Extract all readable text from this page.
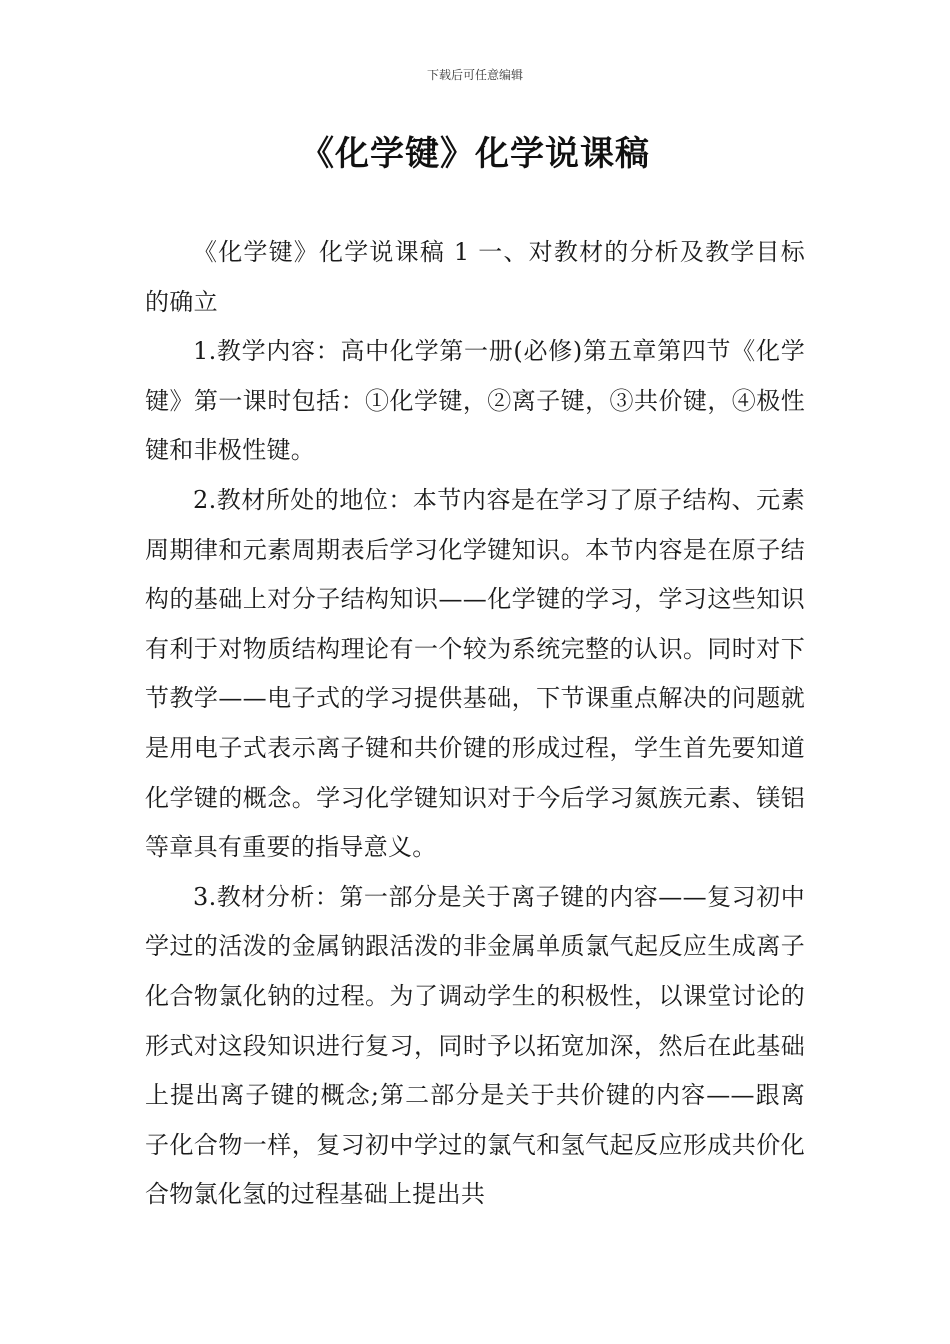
下载后可任意编辑
《化学键》化学说课稿

《化学键》化学说课稿 1 一、对教材的分析及教学目标的确立

1.教学内容：高中化学第一册(必修)第五章第四节《化学键》第一课时包括：①化学键，②离子键，③共价键，④极性键和非极性键。

2.教材所处的地位：本节内容是在学习了原子结构、元素周期律和元素周期表后学习化学键知识。本节内容是在原子结构的基础上对分子结构知识——化学键的学习，学习这些知识有利于对物质结构理论有一个较为系统完整的认识。同时对下节教学——电子式的学习提供基础，下节课重点解决的问题就是用电子式表示离子键和共价键的形成过程，学生首先要知道化学键的概念。学习化学键知识对于今后学习氮族元素、镁铝等章具有重要的指导意义。

3.教材分析：第一部分是关于离子键的内容——复习初中学过的活泼的金属钠跟活泼的非金属单质氯气起反应生成离子化合物氯化钠的过程。为了调动学生的积极性，以课堂讨论的形式对这段知识进行复习，同时予以拓宽加深，然后在此基础上提出离子键的概念;第二部分是关于共价键的内容——跟离子化合物一样，复习初中学过的氯气和氢气起反应形成共价化合物氯化氢的过程基础上提出共
